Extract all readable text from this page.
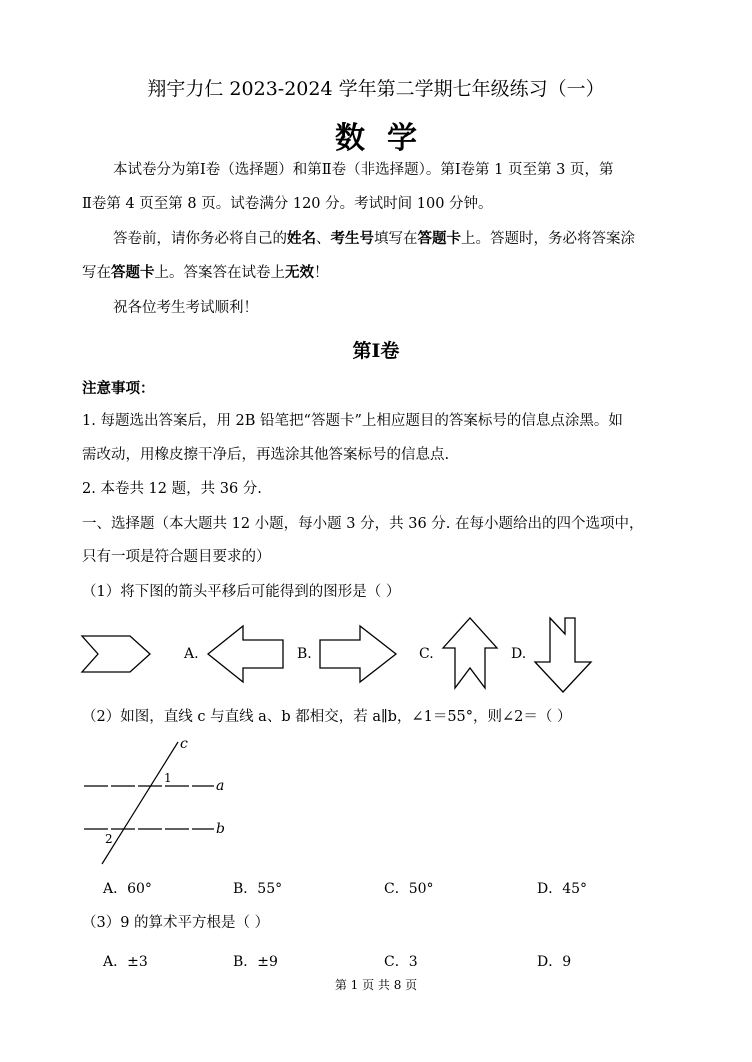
翔宇力仁 2023-2024 学年第二学期七年级练习（一）
数学
本试卷分为第Ⅰ卷（选择题）和第Ⅱ卷（非选择题）。第Ⅰ卷第 1 页至第 3 页，第
Ⅱ卷第 4 页至第 8 页。试卷满分 120 分。考试时间 100 分钟。
答卷前，请你务必将自己的姓名、考生号填写在答题卡上。答题时，务必将答案涂
写在答题卡上。答案答在试卷上无效！
祝各位考生考试顺利！
第Ⅰ卷
注意事项：
1. 每题选出答案后，用 2B 铅笔把“答题卡”上相应题目的答案标号的信息点涂黑。如
需改动，用橡皮擦干净后，再选涂其他答案标号的信息点.
2. 本卷共 12 题，共 36 分.
一、选择题（本大题共 12 小题，每小题 3 分，共 36 分. 在每小题给出的四个选项中，
只有一项是符合题目要求的）
（1）将下图的箭头平移后可能得到的图形是（ ）
A.	B.	C.	D.
（2）如图，直线 c 与直线 a、b 都相交，若 a∥b，∠1＝55°，则∠2＝（ ）
c
a
b
1
2
A．60°	B．55°	C．50°	D．45°
（3）9 的算术平方根是（ ）
A．±3	B．±9	C．3	D．9
第 1 页 共 8 页
